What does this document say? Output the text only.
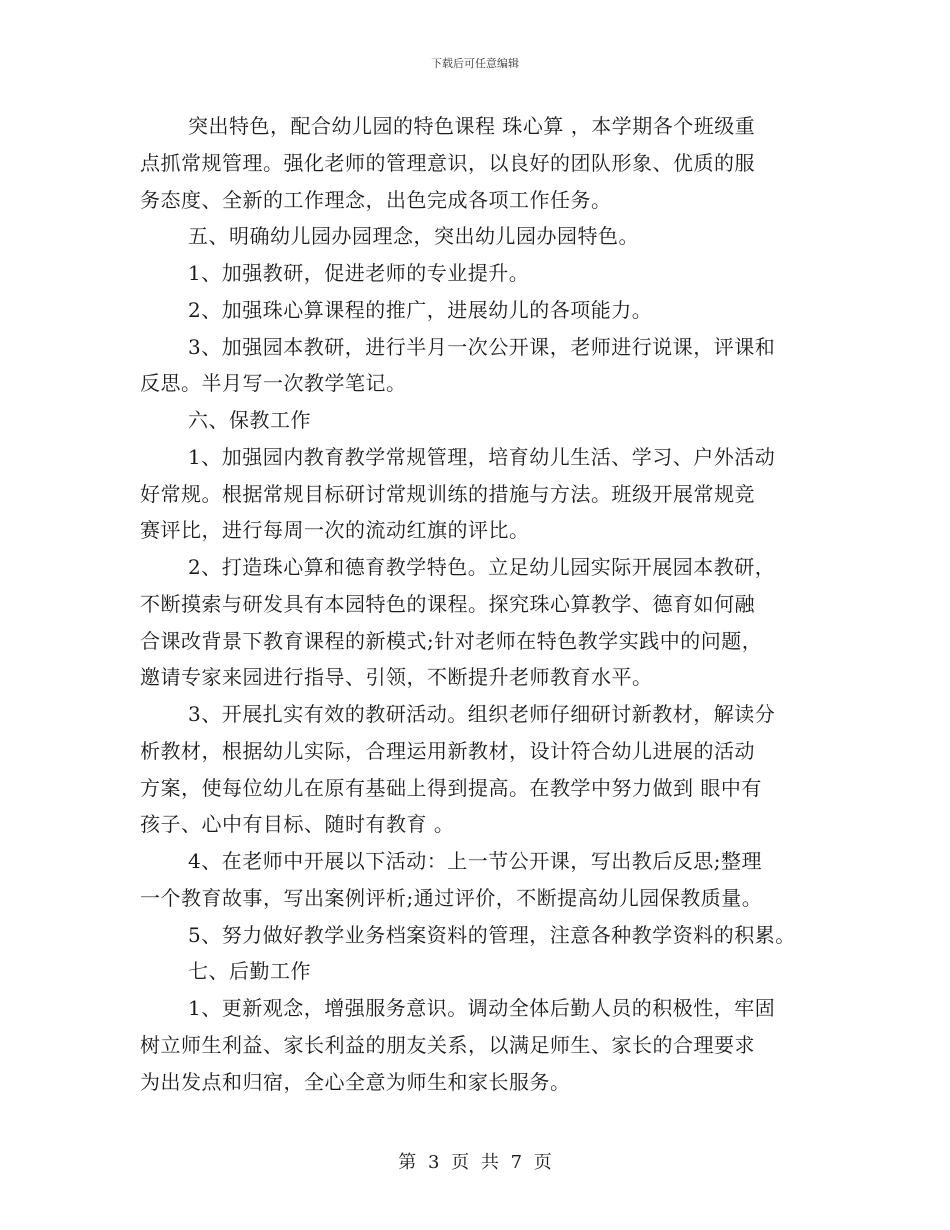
下载后可任意编辑
突出特色，配合幼儿园的特色课程 珠心算 ，本学期各个班级重
点抓常规管理。强化老师的管理意识，以良好的团队形象、优质的服
务态度、全新的工作理念，出色完成各项工作任务。
五、明确幼儿园办园理念，突出幼儿园办园特色。
1、加强教研，促进老师的专业提升。
2、加强珠心算课程的推广，进展幼儿的各项能力。
3、加强园本教研，进行半月一次公开课，老师进行说课，评课和
反思。半月写一次教学笔记。
六、保教工作
1、加强园内教育教学常规管理，培育幼儿生活、学习、户外活动
好常规。根据常规目标研讨常规训练的措施与方法。班级开展常规竞
赛评比，进行每周一次的流动红旗的评比。
2、打造珠心算和德育教学特色。立足幼儿园实际开展园本教研，
不断摸索与研发具有本园特色的课程。探究珠心算教学、德育如何融
合课改背景下教育课程的新模式;针对老师在特色教学实践中的问题，
邀请专家来园进行指导、引领，不断提升老师教育水平。
3、开展扎实有效的教研活动。组织老师仔细研讨新教材，解读分
析教材，根据幼儿实际，合理运用新教材，设计符合幼儿进展的活动
方案，使每位幼儿在原有基础上得到提高。在教学中努力做到 眼中有
孩子、心中有目标、随时有教育 。
4、在老师中开展以下活动：上一节公开课，写出教后反思;整理
一个教育故事，写出案例评析;通过评价，不断提高幼儿园保教质量。
5、努力做好教学业务档案资料的管理，注意各种教学资料的积累。
七、后勤工作
1、更新观念，增强服务意识。调动全体后勤人员的积极性，牢固
树立师生利益、家长利益的朋友关系，以满足师生、家长的合理要求
为出发点和归宿，全心全意为师生和家长服务。
第 3 页 共 7 页
